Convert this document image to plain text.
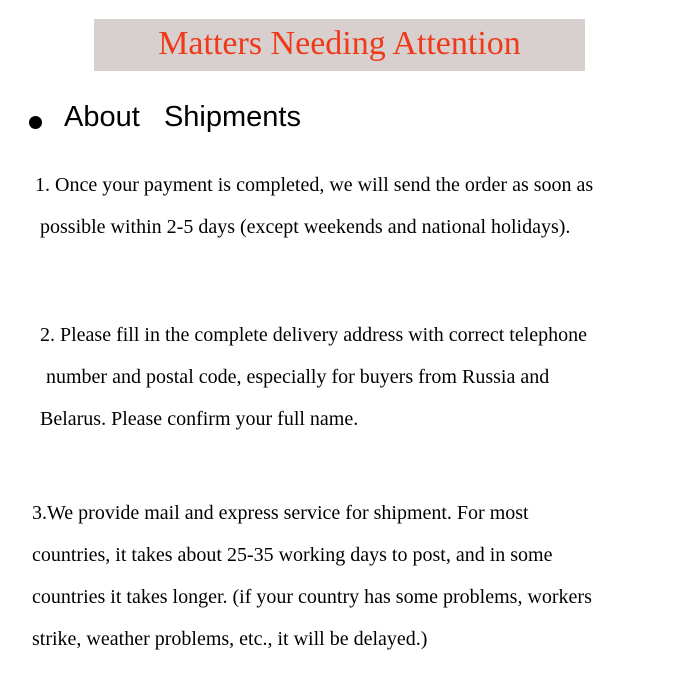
Matters Needing Attention
About   Shipments
1. Once your payment is completed, we will send the order as soon as
possible within 2-5 days (except weekends and national holidays).
2. Please fill in the complete delivery address with correct telephone
number and postal code, especially for buyers from Russia and
Belarus. Please confirm your full name.
3.We provide mail and express service for shipment. For most
countries, it takes about 25-35 working days to post, and in some
countries it takes longer. (if your country has some problems, workers
strike, weather problems, etc., it will be delayed.)
